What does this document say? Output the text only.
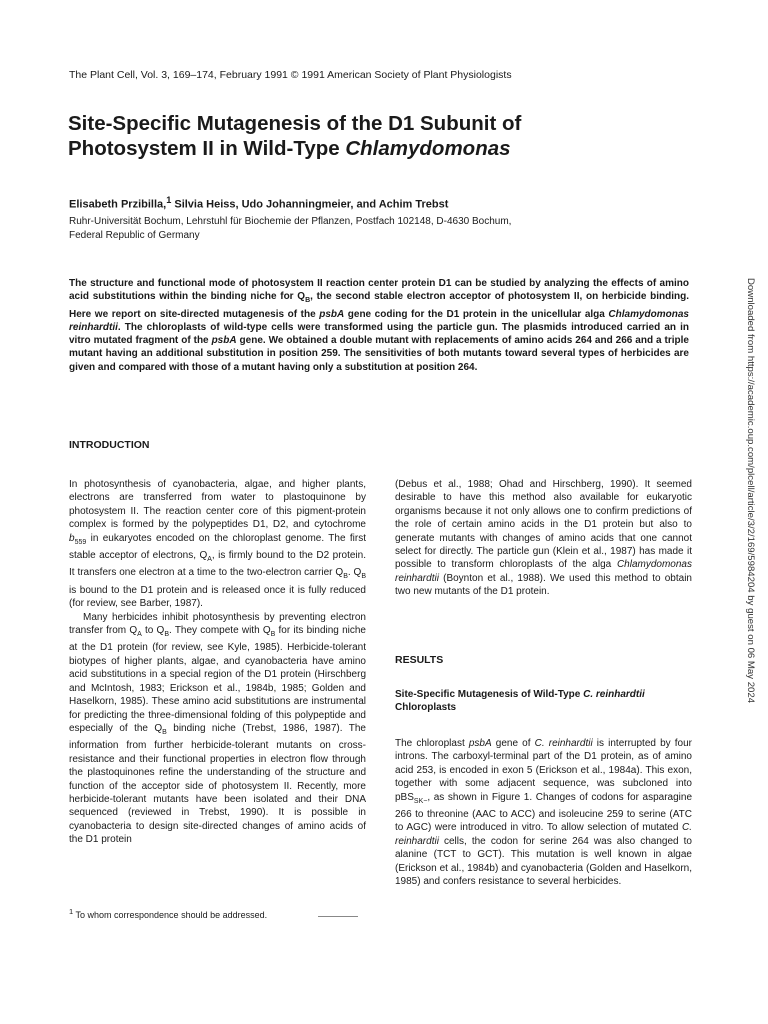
The Plant Cell, Vol. 3, 169–174, February 1991 © 1991 American Society of Plant Physiologists
Site-Specific Mutagenesis of the D1 Subunit of
Photosystem II in Wild-Type Chlamydomonas
Elisabeth Przibilla,$^1$ Silvia Heiss, Udo Johanningmeier, and Achim Trebst
Ruhr-Universität Bochum, Lehrstuhl für Biochemie der Pflanzen, Postfach 102148, D-4630 Bochum,
Federal Republic of Germany
The structure and functional mode of photosystem II reaction center protein D1 can be studied by analyzing the effects of amino acid substitutions within the binding niche for $Q_B$, the second stable electron acceptor of photosystem II, on herbicide binding. Here we report on site-directed mutagenesis of the psbA gene coding for the D1 protein in the unicellular alga Chlamydomonas reinhardtii. The chloroplasts of wild-type cells were transformed using the particle gun. The plasmids introduced carried an in vitro mutated fragment of the psbA gene. We obtained a double mutant with replacements of amino acids 264 and 266 and a triple mutant having an additional substitution in position 259. The sensitivities of both mutants toward several types of herbicides are given and compared with those of a mutant having only a substitution at position 264.
INTRODUCTION

In photosynthesis of cyanobacteria, algae, and higher plants, electrons are transferred from water to plastoquinone by photosystem II. The reaction center core of this pigment-protein complex is formed by the polypeptides D1, D2, and cytochrome $b_{559}$ in eukaryotes encoded on the chloroplast genome. The first stable acceptor of electrons, $Q_A$, is firmly bound to the D2 protein. It transfers one electron at a time to the two-electron carrier $Q_B$. $Q_B$ is bound to the D1 protein and is released once it is fully reduced (for review, see Barber, 1987).

Many herbicides inhibit photosynthesis by preventing electron transfer from $Q_A$ to $Q_B$. They compete with $Q_B$ for its binding niche at the D1 protein (for review, see Kyle, 1985). Herbicide-tolerant biotypes of higher plants, algae, and cyanobacteria have amino acid substitutions in a special region of the D1 protein (Hirschberg and McIntosh, 1983; Erickson et al., 1984b, 1985; Golden and Haselkorn, 1985). These amino acid substitutions are instrumental for predicting the three-dimensional folding of this polypeptide and especially of the $Q_B$ binding niche (Trebst, 1986, 1987). The information from further herbicide-tolerant mutants on cross-resistance and their functional properties in electron flow through the plastoquinones refine the understanding of the structure and function of the acceptor side of photosystem II. Recently, more herbicide-tolerant mutants have been isolated and their DNA sequenced (reviewed in Trebst, 1990). It is possible in cyanobacteria to design site-directed changes of amino acids of the D1 protein

(Debus et al., 1988; Ohad and Hirschberg, 1990). It seemed desirable to have this method also available for eukaryotic organisms because it not only allows one to confirm predictions of the role of certain amino acids in the D1 protein but also to generate mutants with changes of amino acids that one cannot select for directly. The particle gun (Klein et al., 1987) has made it possible to transform chloroplasts of the alga Chlamydomonas reinhardtii (Boynton et al., 1988). We used this method to obtain two new mutants of the D1 protein.

RESULTS
Site-Specific Mutagenesis of Wild-Type C. reinhardtii Chloroplasts

The chloroplast psbA gene of C. reinhardtii is interrupted by four introns. The carboxyl-terminal part of the D1 protein, as of amino acid 253, is encoded in exon 5 (Erickson et al., 1984a). This exon, together with some adjacent sequence, was subcloned into pBS$_{SK-}$, as shown in Figure 1. Changes of codons for asparagine 266 to threonine (AAC to ACC) and isoleucine 259 to serine (ATC to AGC) were introduced in vitro. To allow selection of mutated C. reinhardtii cells, the codon for serine 264 was also changed to alanine (TCT to GCT). This mutation is well known in algae (Erickson et al., 1984b) and cyanobacteria (Golden and Haselkorn, 1985) and confers resistance to several herbicides.

$^1$ To whom correspondence should be addressed.
Downloaded from https://academic.oup.com/plcell/article/3/2/169/5984204 by guest on 06 May 2024
